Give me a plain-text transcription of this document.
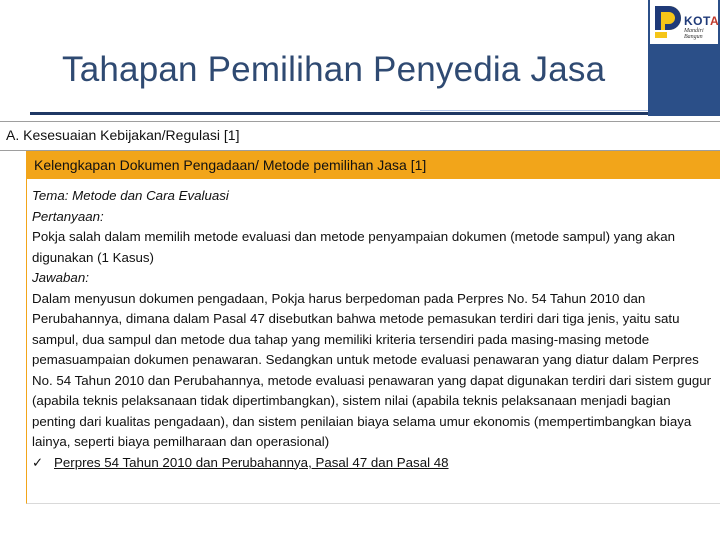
KOTA
Mandiri Bangun
Tahapan Pemilihan Penyedia Jasa
A. Kesesuaian Kebijakan/Regulasi [1]
Kelengkapan Dokumen Pengadaan/ Metode pemilihan Jasa [1]

Tema: Metode dan Cara Evaluasi

Pertanyaan:

Pokja salah dalam memilih metode evaluasi dan metode penyampaian dokumen (metode sampul) yang akan digunakan (1 Kasus)

Jawaban:

Dalam menyusun dokumen pengadaan, Pokja harus berpedoman pada Perpres No. 54 Tahun 2010 dan Perubahannya, dimana dalam Pasal 47 disebutkan bahwa metode pemasukan terdiri dari tiga jenis, yaitu satu sampul, dua sampul dan metode dua tahap yang memiliki kriteria tersendiri pada masing-masing metode pemasuampaian dokumen penawaran. Sedangkan untuk metode evaluasi penawaran yang diatur dalam Perpres No. 54 Tahun 2010 dan Perubahannya, metode evaluasi penawaran yang dapat digunakan terdiri dari sistem gugur (apabila teknis pelaksanaan tidak dipertimbangkan), sistem nilai (apabila teknis pelaksanaan menjadi bagian penting dari kualitas pengadaan), dan sistem penilaian biaya selama umur ekonomis (mempertimbangkan biaya lainya, seperti biaya pemilharaan dan operasional)

✓ Perpres 54 Tahun 2010 dan Perubahannya, Pasal 47 dan Pasal 48
